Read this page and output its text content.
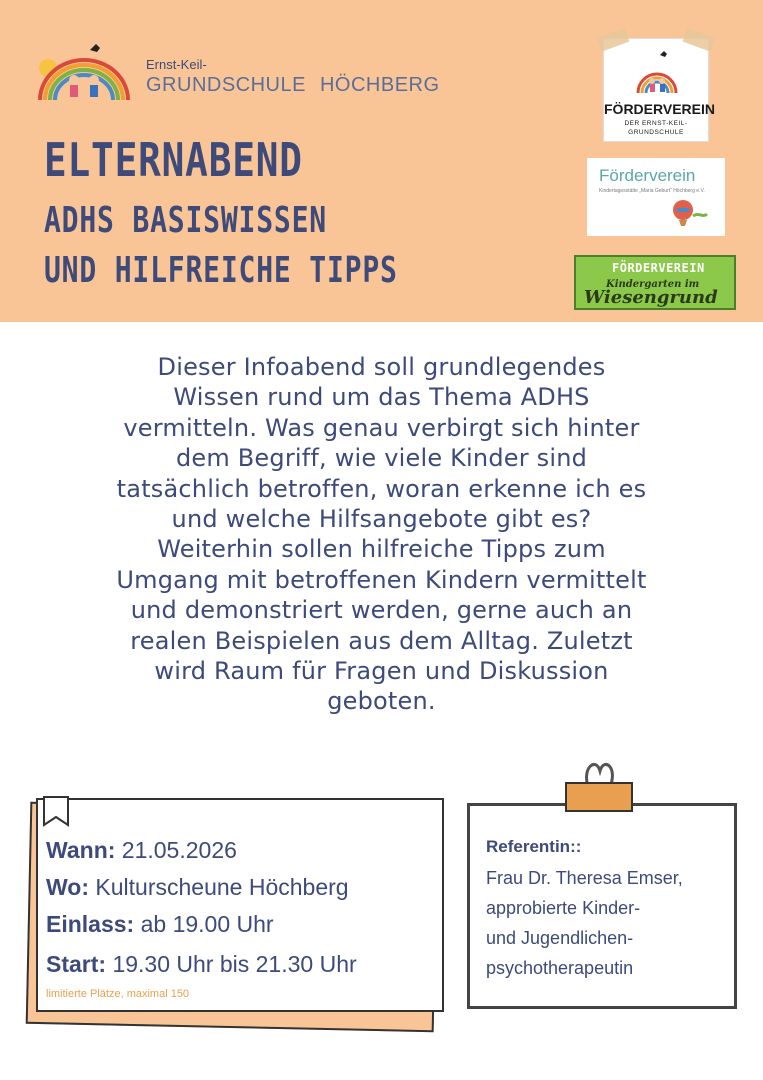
Ernst-Keil-
GRUNDSCHULE HÖCHBERG
ELTERNABEND
ADHS BASISWISSEN
UND HILFREICHE TIPPS
FÖRDERVEREIN
DER ERNST-KEIL-
GRUNDSCHULE
Förderverein
Kindertagesstätte „Maria Geburt“ Höchberg e.V.
FÖRDERVEREIN
Kindergarten im
Wiesengrund
Dieser Infoabend soll grundlegendes
Wissen rund um das Thema ADHS
vermitteln. Was genau verbirgt sich hinter
dem Begriff, wie viele Kinder sind
tatsächlich betroffen, woran erkenne ich es
und welche Hilfsangebote gibt es?
Weiterhin sollen hilfreiche Tipps zum
Umgang mit betroffenen Kindern vermittelt
und demonstriert werden, gerne auch an
realen Beispielen aus dem Alltag. Zuletzt
wird Raum für Fragen und Diskussion
geboten.
Wann: 21.05.2026
Wo: Kulturscheune Höchberg
Einlass: ab 19.00 Uhr
Start: 19.30 Uhr bis 21.30 Uhr
limitierte Plätze, maximal 150
Referentin::
Frau Dr. Theresa Emser,
approbierte Kinder-
und Jugendlichen-
psychotherapeutin
